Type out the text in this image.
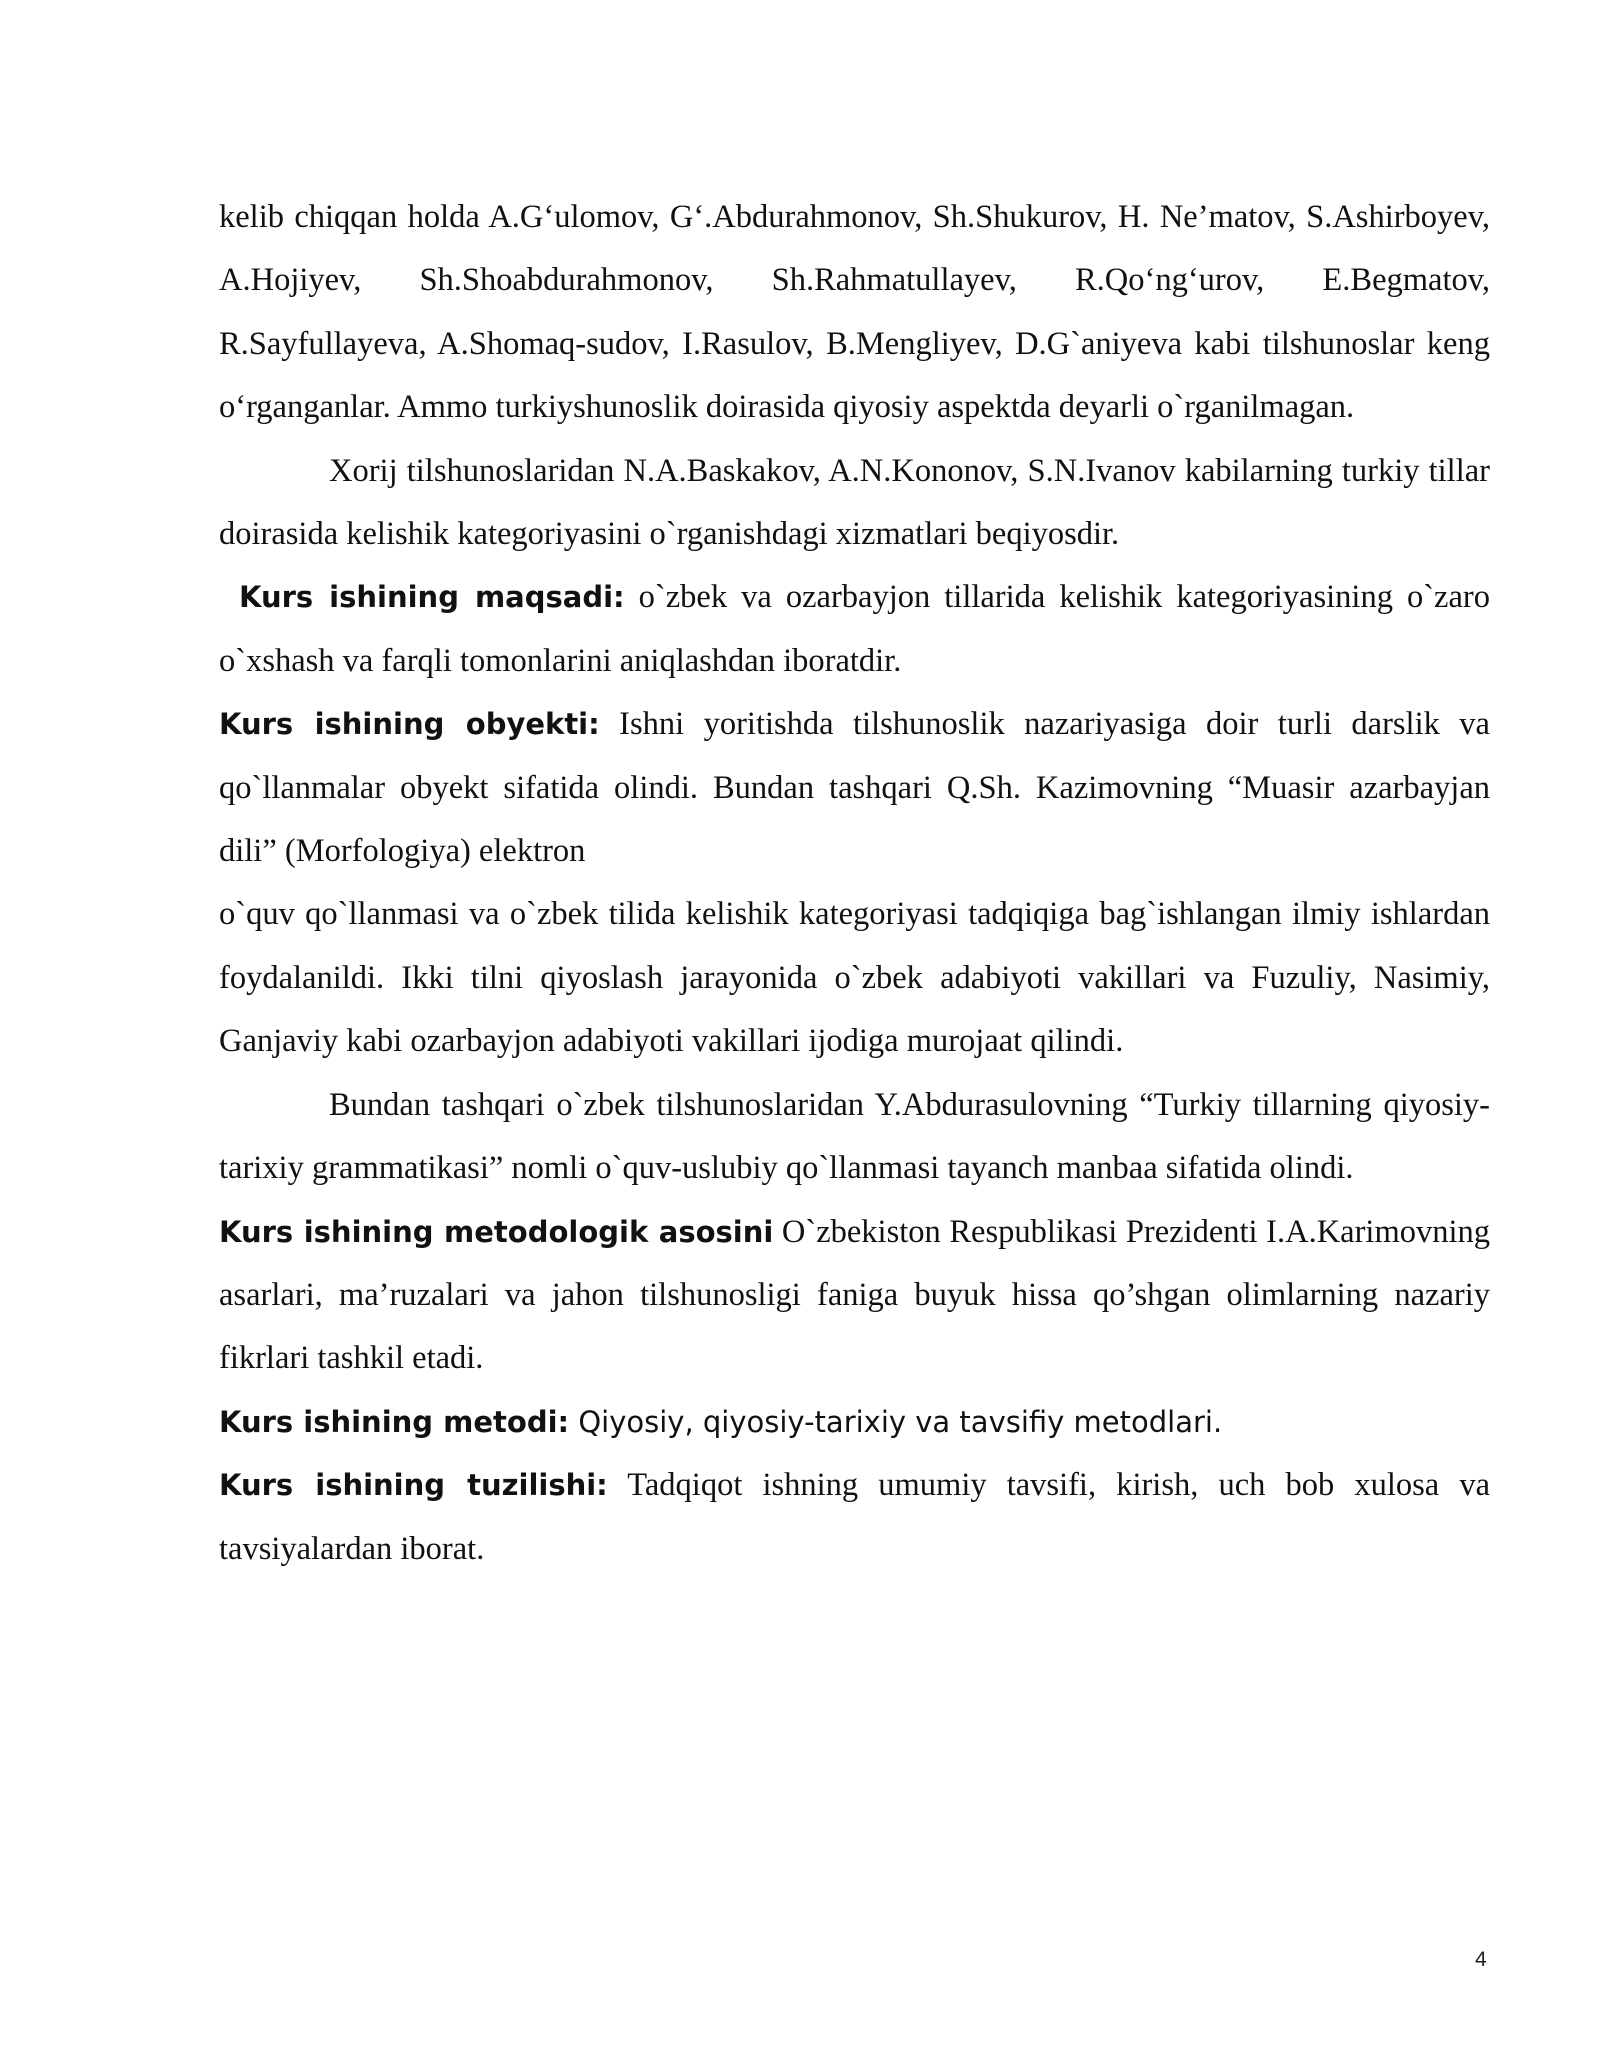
kelib chiqqan holda A.G‘ulomov, G‘.Abdurahmonov, Sh.Shukurov, H. Ne’matov, S.Ashirboyev, A.Hojiyev, Sh.Shoabdurahmonov, Sh.Rahmatullayev, R.Qo‘ng‘urov, E.Begmatov, R.Sayfullayeva, A.Shomaq-sudov, I.Rasulov, B.Mengliyev, D.G`aniyeva kabi tilshunoslar keng o‘rganganlar. Ammo turkiyshunoslik doirasida qiyosiy aspektda deyarli o`rganilmagan.

Xorij tilshunoslaridan N.A.Baskakov, A.N.Kononov, S.N.Ivanov kabilarning turkiy tillar doirasida kelishik kategoriyasini o`rganishdagi xizmatlari beqiyosdir.

Kurs ishining maqsadi: o`zbek va ozarbayjon tillarida kelishik kategoriyasining o`zaro o`xshash va farqli tomonlarini aniqlashdan iboratdir.

Kurs ishining obyekti: Ishni yoritishda tilshunoslik nazariyasiga doir turli darslik va qo`llanmalar obyekt sifatida olindi. Bundan tashqari Q.Sh. Kazimovning “Muasir azarbayjan dili” (Morfologiya) elektron

o`quv qo`llanmasi va o`zbek tilida kelishik kategoriyasi tadqiqiga bag`ishlangan ilmiy ishlardan foydalanildi. Ikki tilni qiyoslash jarayonida o`zbek adabiyoti vakillari va Fuzuliy, Nasimiy, Ganjaviy kabi ozarbayjon adabiyoti vakillari ijodiga murojaat qilindi.

Bundan tashqari o`zbek tilshunoslaridan Y.Abdurasulovning “Turkiy tillarning qiyosiy-tarixiy grammatikasi” nomli o`quv-uslubiy qo`llanmasi tayanch manbaa sifatida olindi.

Kurs ishining metodologik asosini O`zbekiston Respublikasi Prezidenti I.A.Karimovning asarlari, ma’ruzalari va jahon tilshunosligi faniga buyuk hissa qo’shgan olimlarning nazariy fikrlari tashkil etadi.

Kurs ishining metodi: Qiyosiy, qiyosiy-tarixiy va tavsifiy metodlari.

Kurs ishining tuzilishi: Tadqiqot ishning umumiy tavsifi, kirish, uch bob xulosa va tavsiyalardan iborat.

4
